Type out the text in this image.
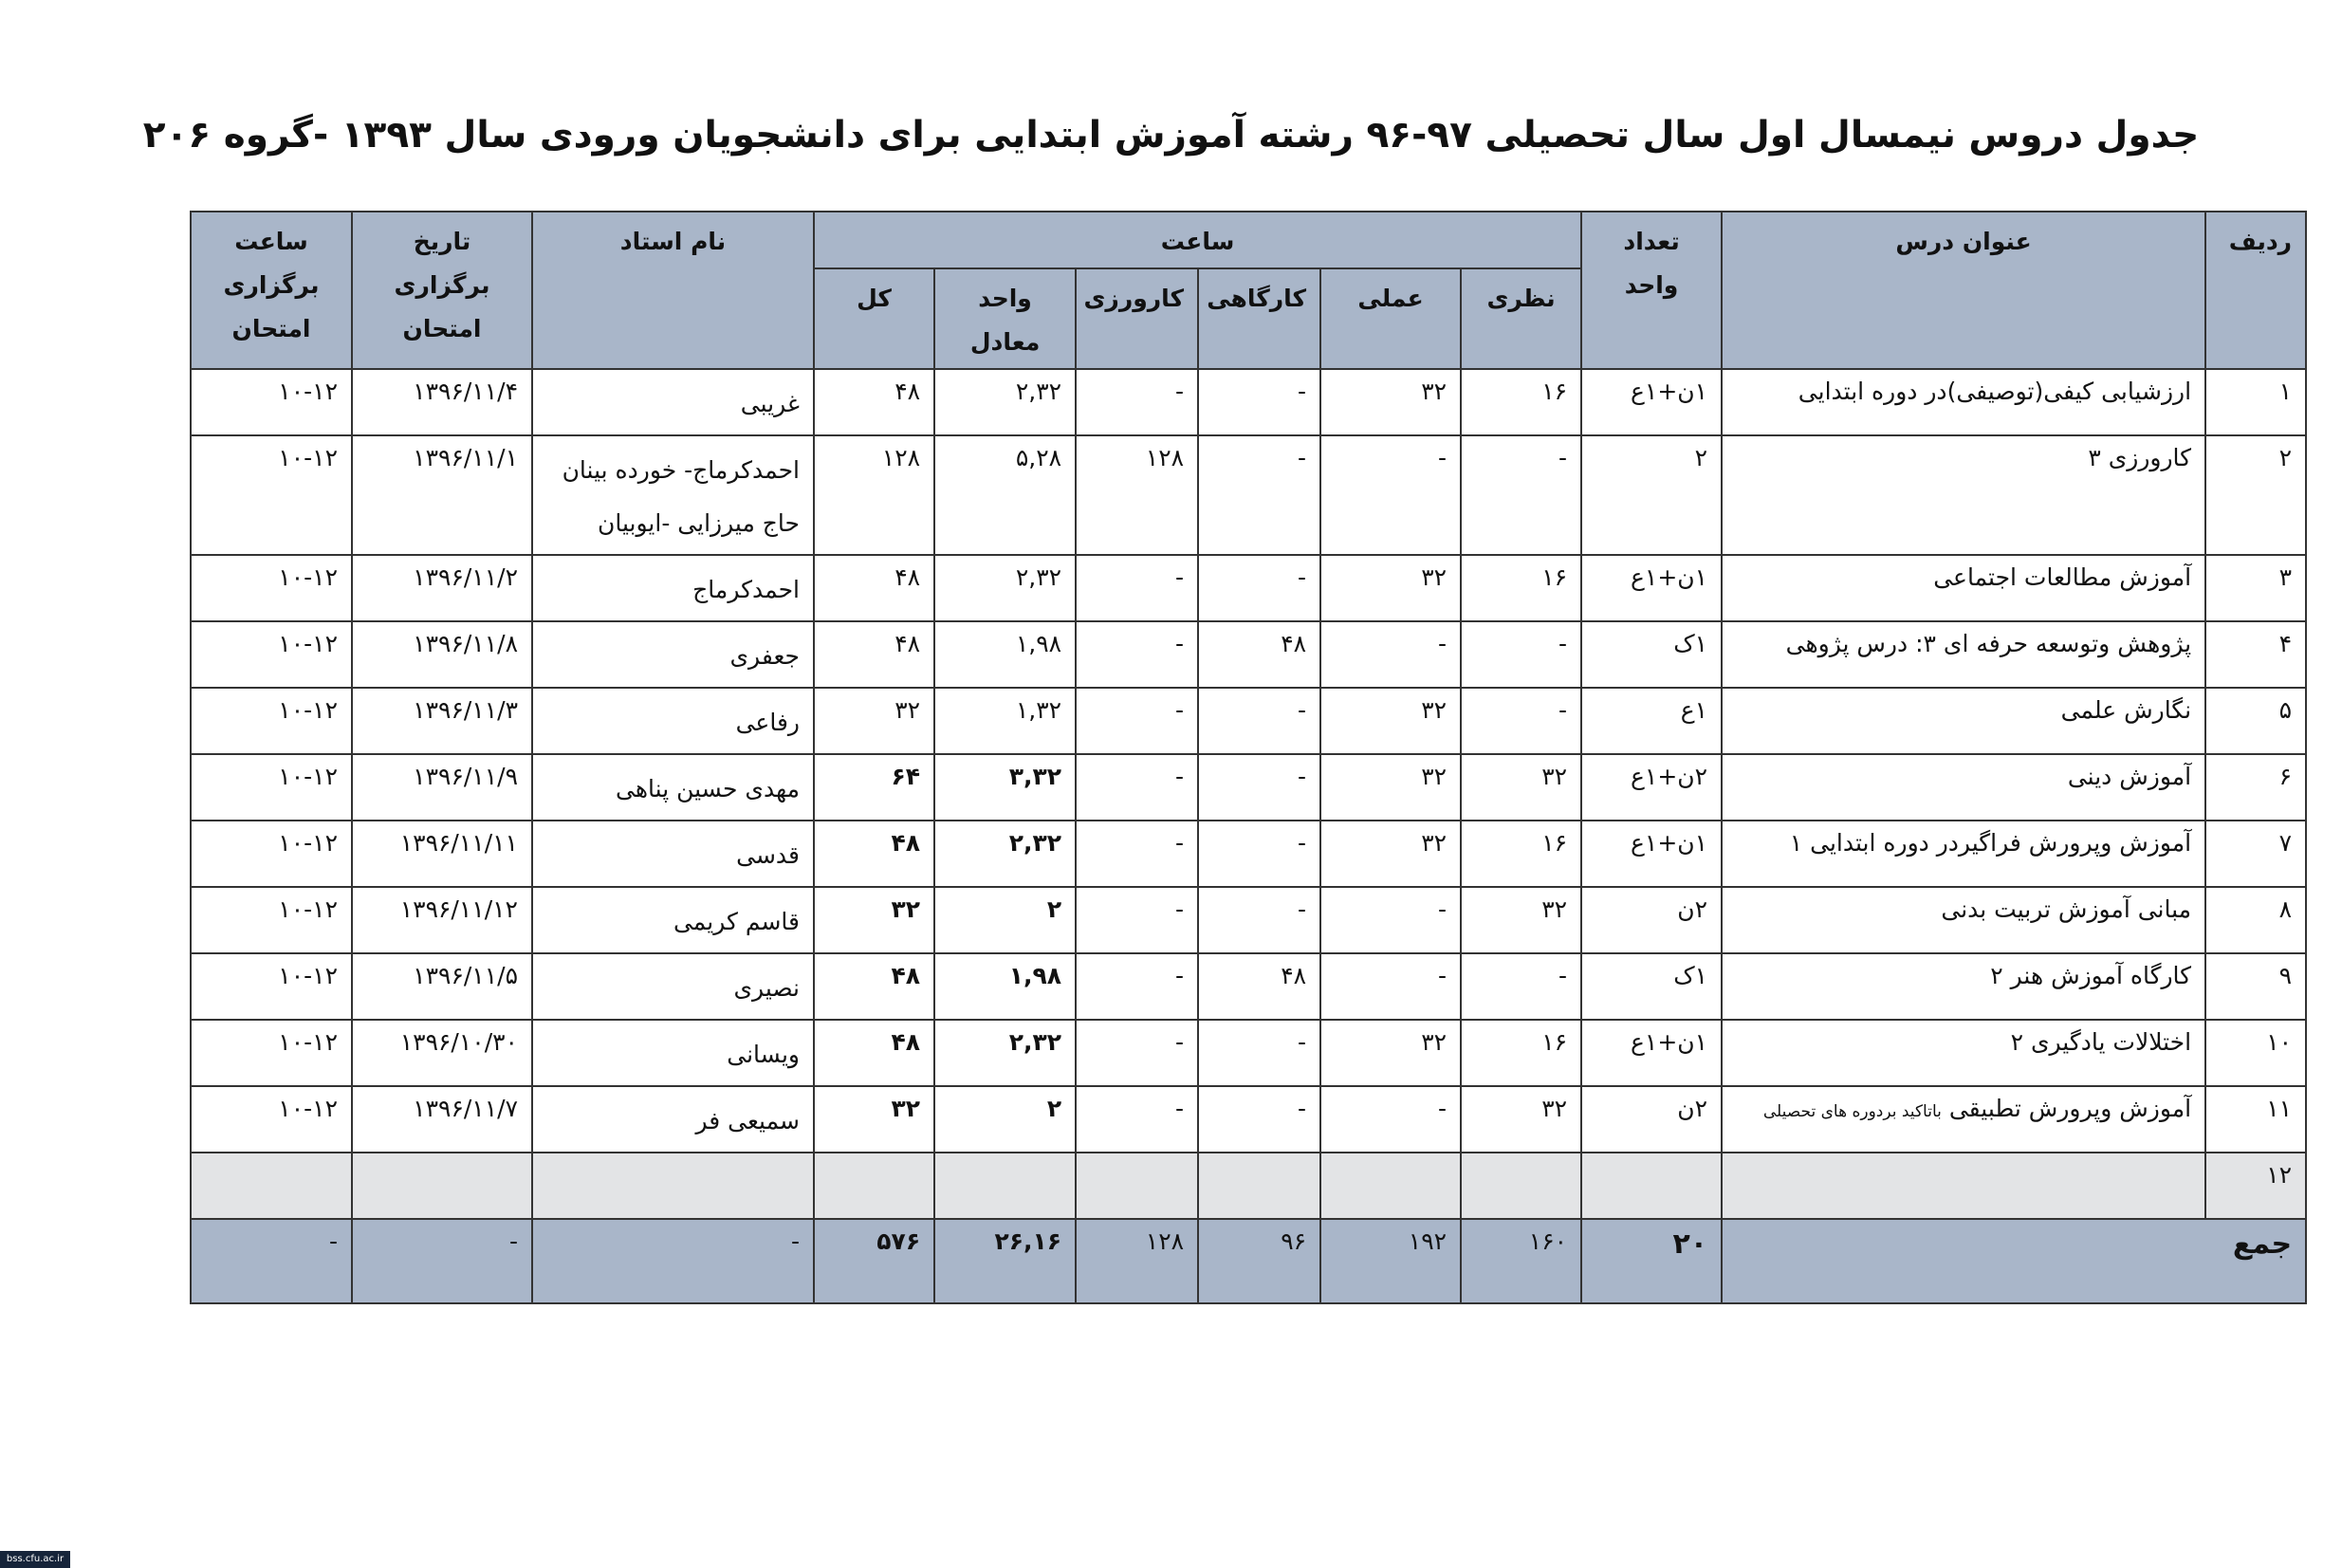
جدول دروس نیمسال اول سال تحصیلی ۹۷-۹۶ رشته آموزش ابتدایی برای دانشجویان ورودی سال ۱۳۹۳ -گروه ۲۰۶
ردیف	عنوان درس	تعداد واحد	ساعت						نام استاد	تاریخ برگزاری امتحان	ساعت برگزاری امتحان
			نظری	عملی	کارگاهی	کارورزی	واحد معادل	کل			
۱	ارزشیابی کیفی(توصیفی)در دوره ابتدایی	۱ن+۱ع	۱۶	۳۲	-	-	۲,۳۲	۴۸	غریبی	۱۳۹۶/۱۱/۴	۱۰-۱۲
۲	کارورزی ۳	۲	-	-	-	۱۲۸	۵,۲۸	۱۲۸	احمدکرماج- خورده بینان حاج میرزایی -ایوبیان	۱۳۹۶/۱۱/۱	۱۰-۱۲
۳	آموزش مطالعات اجتماعی	۱ن+۱ع	۱۶	۳۲	-	-	۲,۳۲	۴۸	احمدکرماج	۱۳۹۶/۱۱/۲	۱۰-۱۲
۴	پژوهش وتوسعه حرفه ای ۳: درس پژوهی	۱ک	-	-	۴۸	-	۱,۹۸	۴۸	جعفری	۱۳۹۶/۱۱/۸	۱۰-۱۲
۵	نگارش علمی	۱ع	-	۳۲	-	-	۱,۳۲	۳۲	رفاعی	۱۳۹۶/۱۱/۳	۱۰-۱۲
۶	آموزش دینی	۲ن+۱ع	۳۲	۳۲	-	-	۳,۳۲	۶۴	مهدی حسین پناهی	۱۳۹۶/۱۱/۹	۱۰-۱۲
۷	آموزش وپرورش فراگیردر دوره ابتدایی ۱	۱ن+۱ع	۱۶	۳۲	-	-	۲,۳۲	۴۸	قدسی	۱۳۹۶/۱۱/۱۱	۱۰-۱۲
۸	مبانی آموزش تربیت بدنی	۲ن	۳۲	-	-	-	۲	۳۲	قاسم کریمی	۱۳۹۶/۱۱/۱۲	۱۰-۱۲
۹	کارگاه آموزش هنر ۲	۱ک	-	-	۴۸	-	۱,۹۸	۴۸	نصیری	۱۳۹۶/۱۱/۵	۱۰-۱۲
۱۰	اختلالات یادگیری ۲	۱ن+۱ع	۱۶	۳۲	-	-	۲,۳۲	۴۸	ویسانی	۱۳۹۶/۱۰/۳۰	۱۰-۱۲
۱۱	آموزش وپرورش تطبیقی باتاکید بردوره های تحصیلی	۲ن	۳۲	-	-	-	۲	۳۲	سمیعی فر	۱۳۹۶/۱۱/۷	۱۰-۱۲
۱۲											
جمع		۲۰	۱۶۰	۱۹۲	۹۶	۱۲۸	۲۶,۱۶	۵۷۶	-	-	-
bss.cfu.ac.ir
